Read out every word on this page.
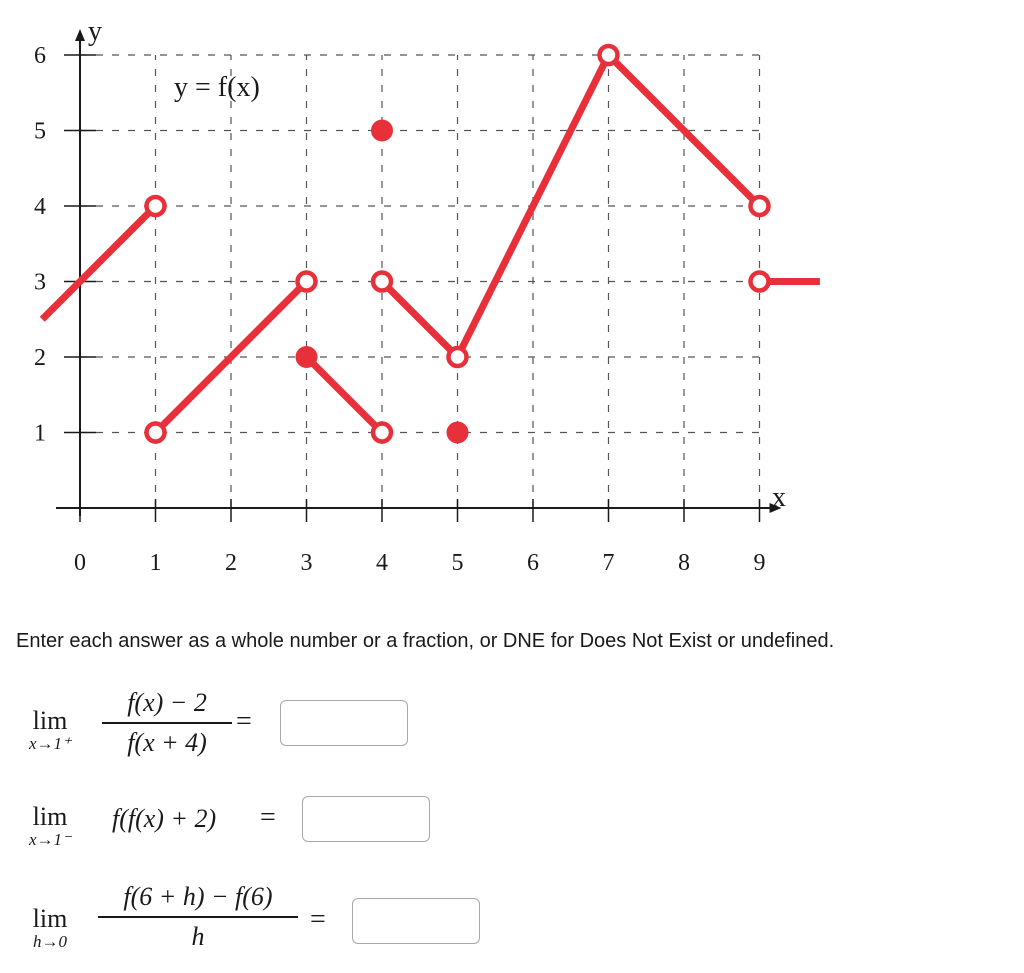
0	1	2	3	4	5	6	7	8	9
1
2
3
4
5
6
y = f(x)
x
y
Enter each answer as a whole number or a fraction, or DNE for Does Not Exist or undefined.
lim
x→1⁺
f(x) − 2
f(x + 4)
=
lim
x→1⁻
f(f(x) + 2) =
lim
h→0
f(6 + h) − f(6)
h
=
